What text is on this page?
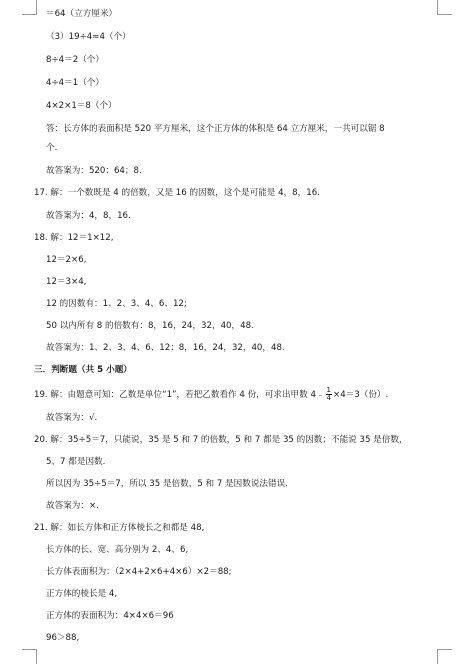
＝64（立方厘米）
（3）19÷4≈4（个）
8÷4＝2（个）
4÷4＝1（个）
4×2×1＝8（个）
答：长方体的表面积是 520 平方厘米，这个正方体的体积是 64 立方厘米，一共可以锯 8
个.
故答案为：520；64；8.
17. 解：一个数既是 4 的倍数，又是 16 的因数，这个是可能是 4，8，16.
故答案为：4，8，16.
18. 解：12＝1×12,
12＝2×6,
12＝3×4,
12 的因数有：1、2、3、4、6、12;
50 以内所有 8 的倍数有：8，16，24，32，40，48.
故答案为：1、2、3、4、6、12；8，16，24，32，40，48.
三．判断题（共 5 小题）
故答案为：√.
20. 解：35÷5＝7，只能说，35 是 5 和 7 的倍数，5 和 7 都是 35 的因数；不能说 35 是倍数，
5、7 都是因数.
所以因为 35÷5＝7，所以 35 是倍数，5 和 7 是因数说法错误.
故答案为：×.
21. 解：如长方体和正方体棱长之和都是 48,
长方体的长、宽、高分别为 2、4、6,
长方体表面积为：（2×4+2×6+4×6）×2＝88;
正方体的棱长是 4,
正方体的表面积为：4×4×6＝96
96＞88,
19. 解：由题意可知：乙数是单位“1”，若把乙数看作 4 份，可求出甲数 4﹣ $\frac{1}{4} \times 4=3$（份）.
